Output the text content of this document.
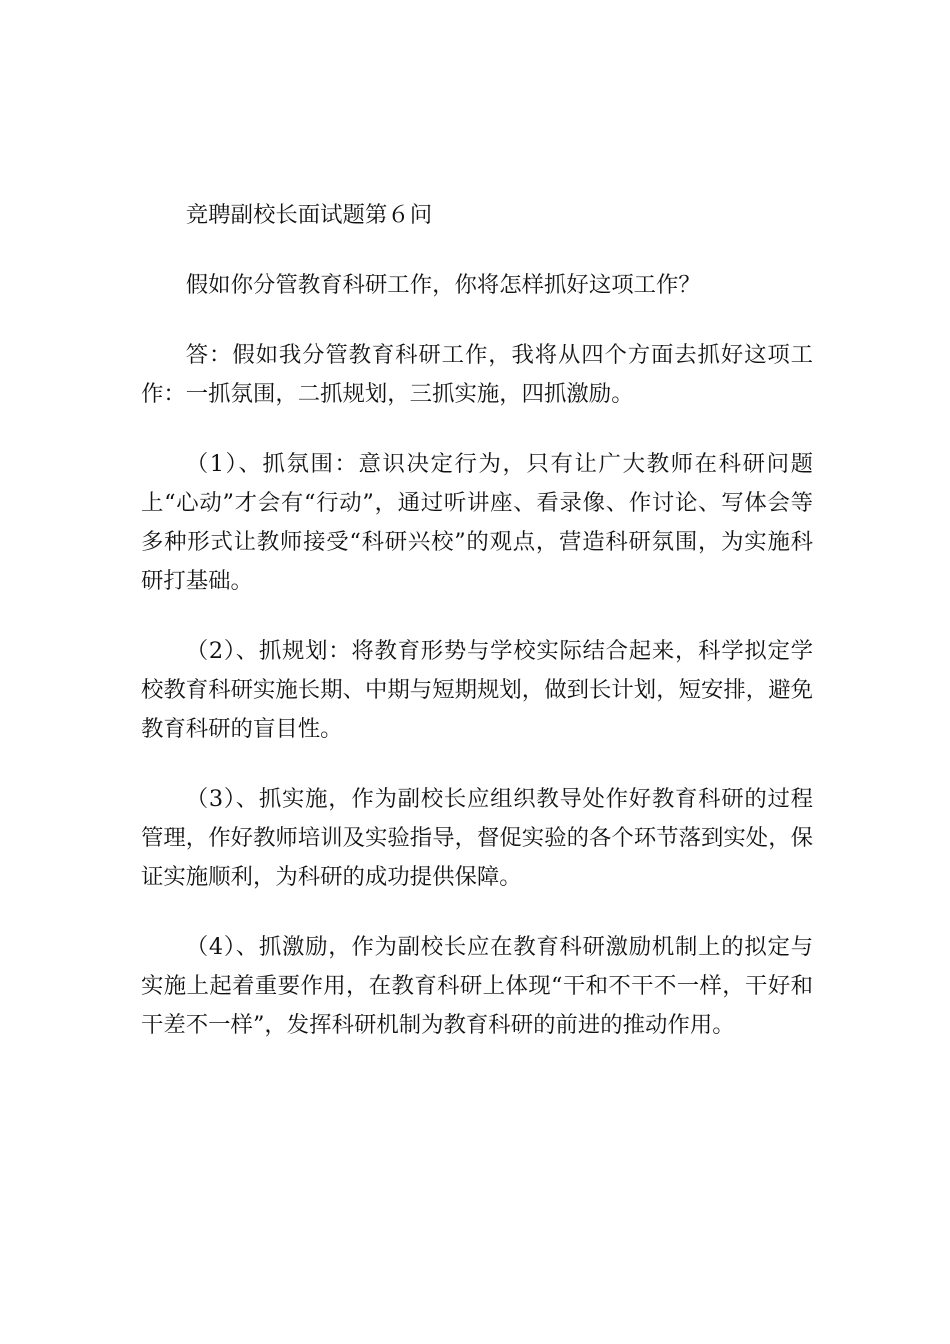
竞聘副校长面试题第６问

假如你分管教育科研工作，你将怎样抓好这项工作？

答：假如我分管教育科研工作，我将从四个方面去抓好这项工作：一抓氛围，二抓规划，三抓实施，四抓激励。

（1）、抓氛围：意识决定行为，只有让广大教师在科研问题上“心动”才会有“行动”，通过听讲座、看录像、作讨论、写体会等多种形式让教师接受“科研兴校”的观点，营造科研氛围，为实施科研打基础。

（2）、抓规划：将教育形势与学校实际结合起来，科学拟定学校教育科研实施长期、中期与短期规划，做到长计划，短安排，避免教育科研的盲目性。

（3）、抓实施，作为副校长应组织教导处作好教育科研的过程管理，作好教师培训及实验指导，督促实验的各个环节落到实处，保证实施顺利，为科研的成功提供保障。

（4）、抓激励，作为副校长应在教育科研激励机制上的拟定与实施上起着重要作用，在教育科研上体现“干和不干不一样，干好和干差不一样”，发挥科研机制为教育科研的前进的推动作用。
